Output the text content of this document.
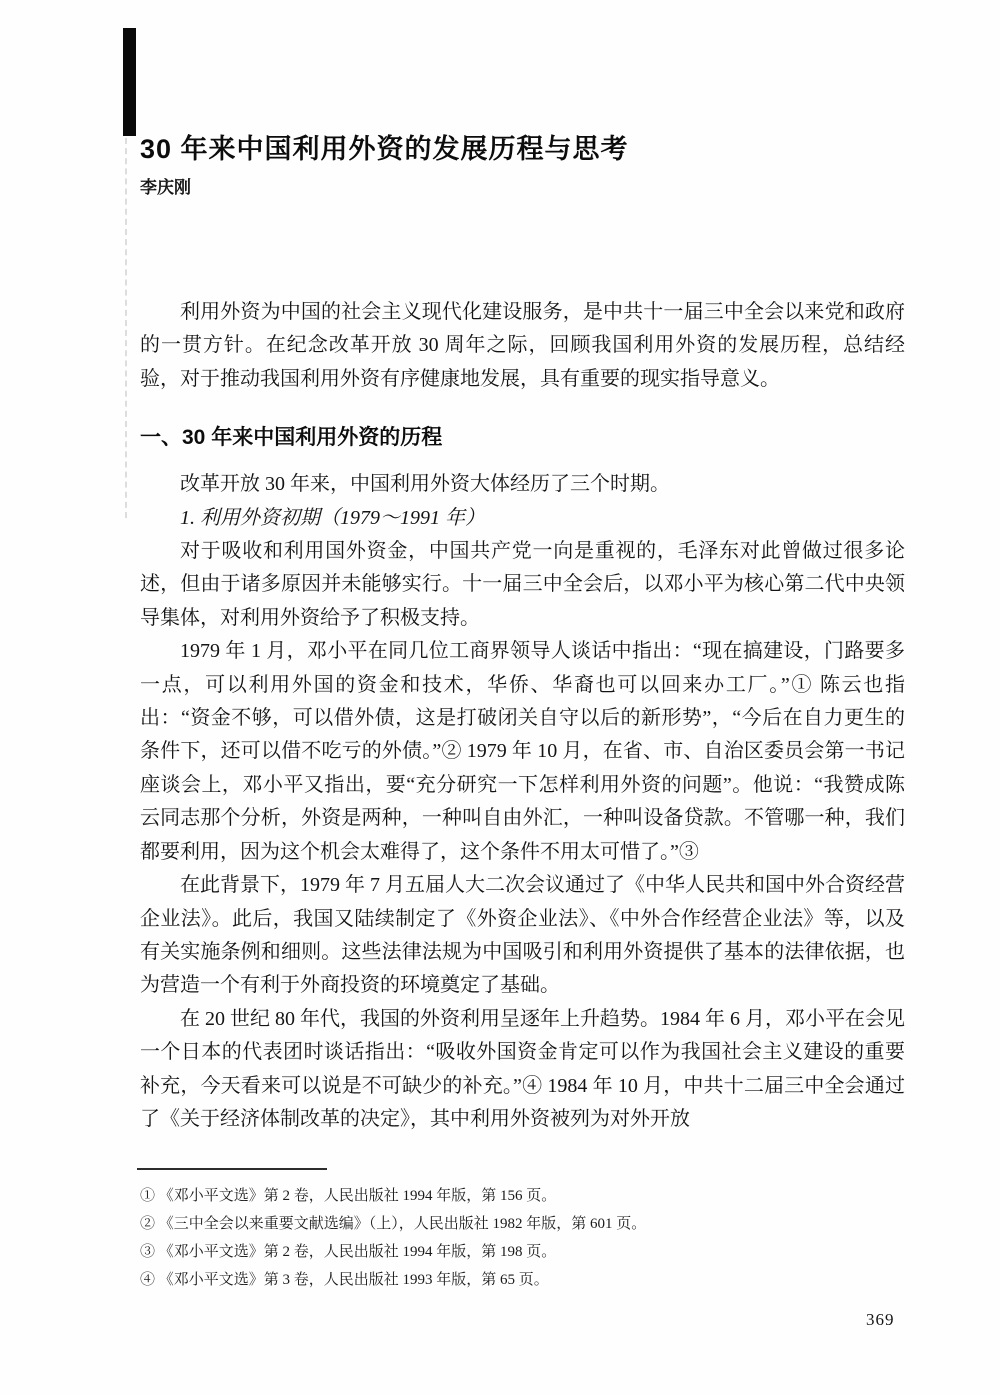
30 年来中国利用外资的发展历程与思考

李庆刚

利用外资为中国的社会主义现代化建设服务，是中共十一届三中全会以来党和政府的一贯方针。在纪念改革开放 30 周年之际，回顾我国利用外资的发展历程，总结经验，对于推动我国利用外资有序健康地发展，具有重要的现实指导意义。

一、30 年来中国利用外资的历程

改革开放 30 年来，中国利用外资大体经历了三个时期。

1. 利用外资初期（1979～1991 年）

对于吸收和利用国外资金，中国共产党一向是重视的，毛泽东对此曾做过很多论述，但由于诸多原因并未能够实行。十一届三中全会后，以邓小平为核心第二代中央领导集体，对利用外资给予了积极支持。

1979 年 1 月，邓小平在同几位工商界领导人谈话中指出：“现在搞建设，门路要多一点，可以利用外国的资金和技术，华侨、华裔也可以回来办工厂。”① 陈云也指出：“资金不够，可以借外债，这是打破闭关自守以后的新形势”，“今后在自力更生的条件下，还可以借不吃亏的外债。”② 1979 年 10 月，在省、市、自治区委员会第一书记座谈会上，邓小平又指出，要“充分研究一下怎样利用外资的问题”。他说：“我赞成陈云同志那个分析，外资是两种，一种叫自由外汇，一种叫设备贷款。不管哪一种，我们都要利用，因为这个机会太难得了，这个条件不用太可惜了。”③

在此背景下，1979 年 7 月五届人大二次会议通过了《中华人民共和国中外合资经营企业法》。此后，我国又陆续制定了《外资企业法》、《中外合作经营企业法》等，以及有关实施条例和细则。这些法律法规为中国吸引和利用外资提供了基本的法律依据，也为营造一个有利于外商投资的环境奠定了基础。

在 20 世纪 80 年代，我国的外资利用呈逐年上升趋势。1984 年 6 月，邓小平在会见一个日本的代表团时谈话指出：“吸收外国资金肯定可以作为我国社会主义建设的重要补充，今天看来可以说是不可缺少的补充。”④ 1984 年 10 月，中共十二届三中全会通过了《关于经济体制改革的决定》，其中利用外资被列为对外开放

① 《邓小平文选》第 2 卷，人民出版社 1994 年版，第 156 页。
② 《三中全会以来重要文献选编》（上），人民出版社 1982 年版，第 601 页。
③ 《邓小平文选》第 2 卷，人民出版社 1994 年版，第 198 页。
④ 《邓小平文选》第 3 卷，人民出版社 1993 年版，第 65 页。
369
